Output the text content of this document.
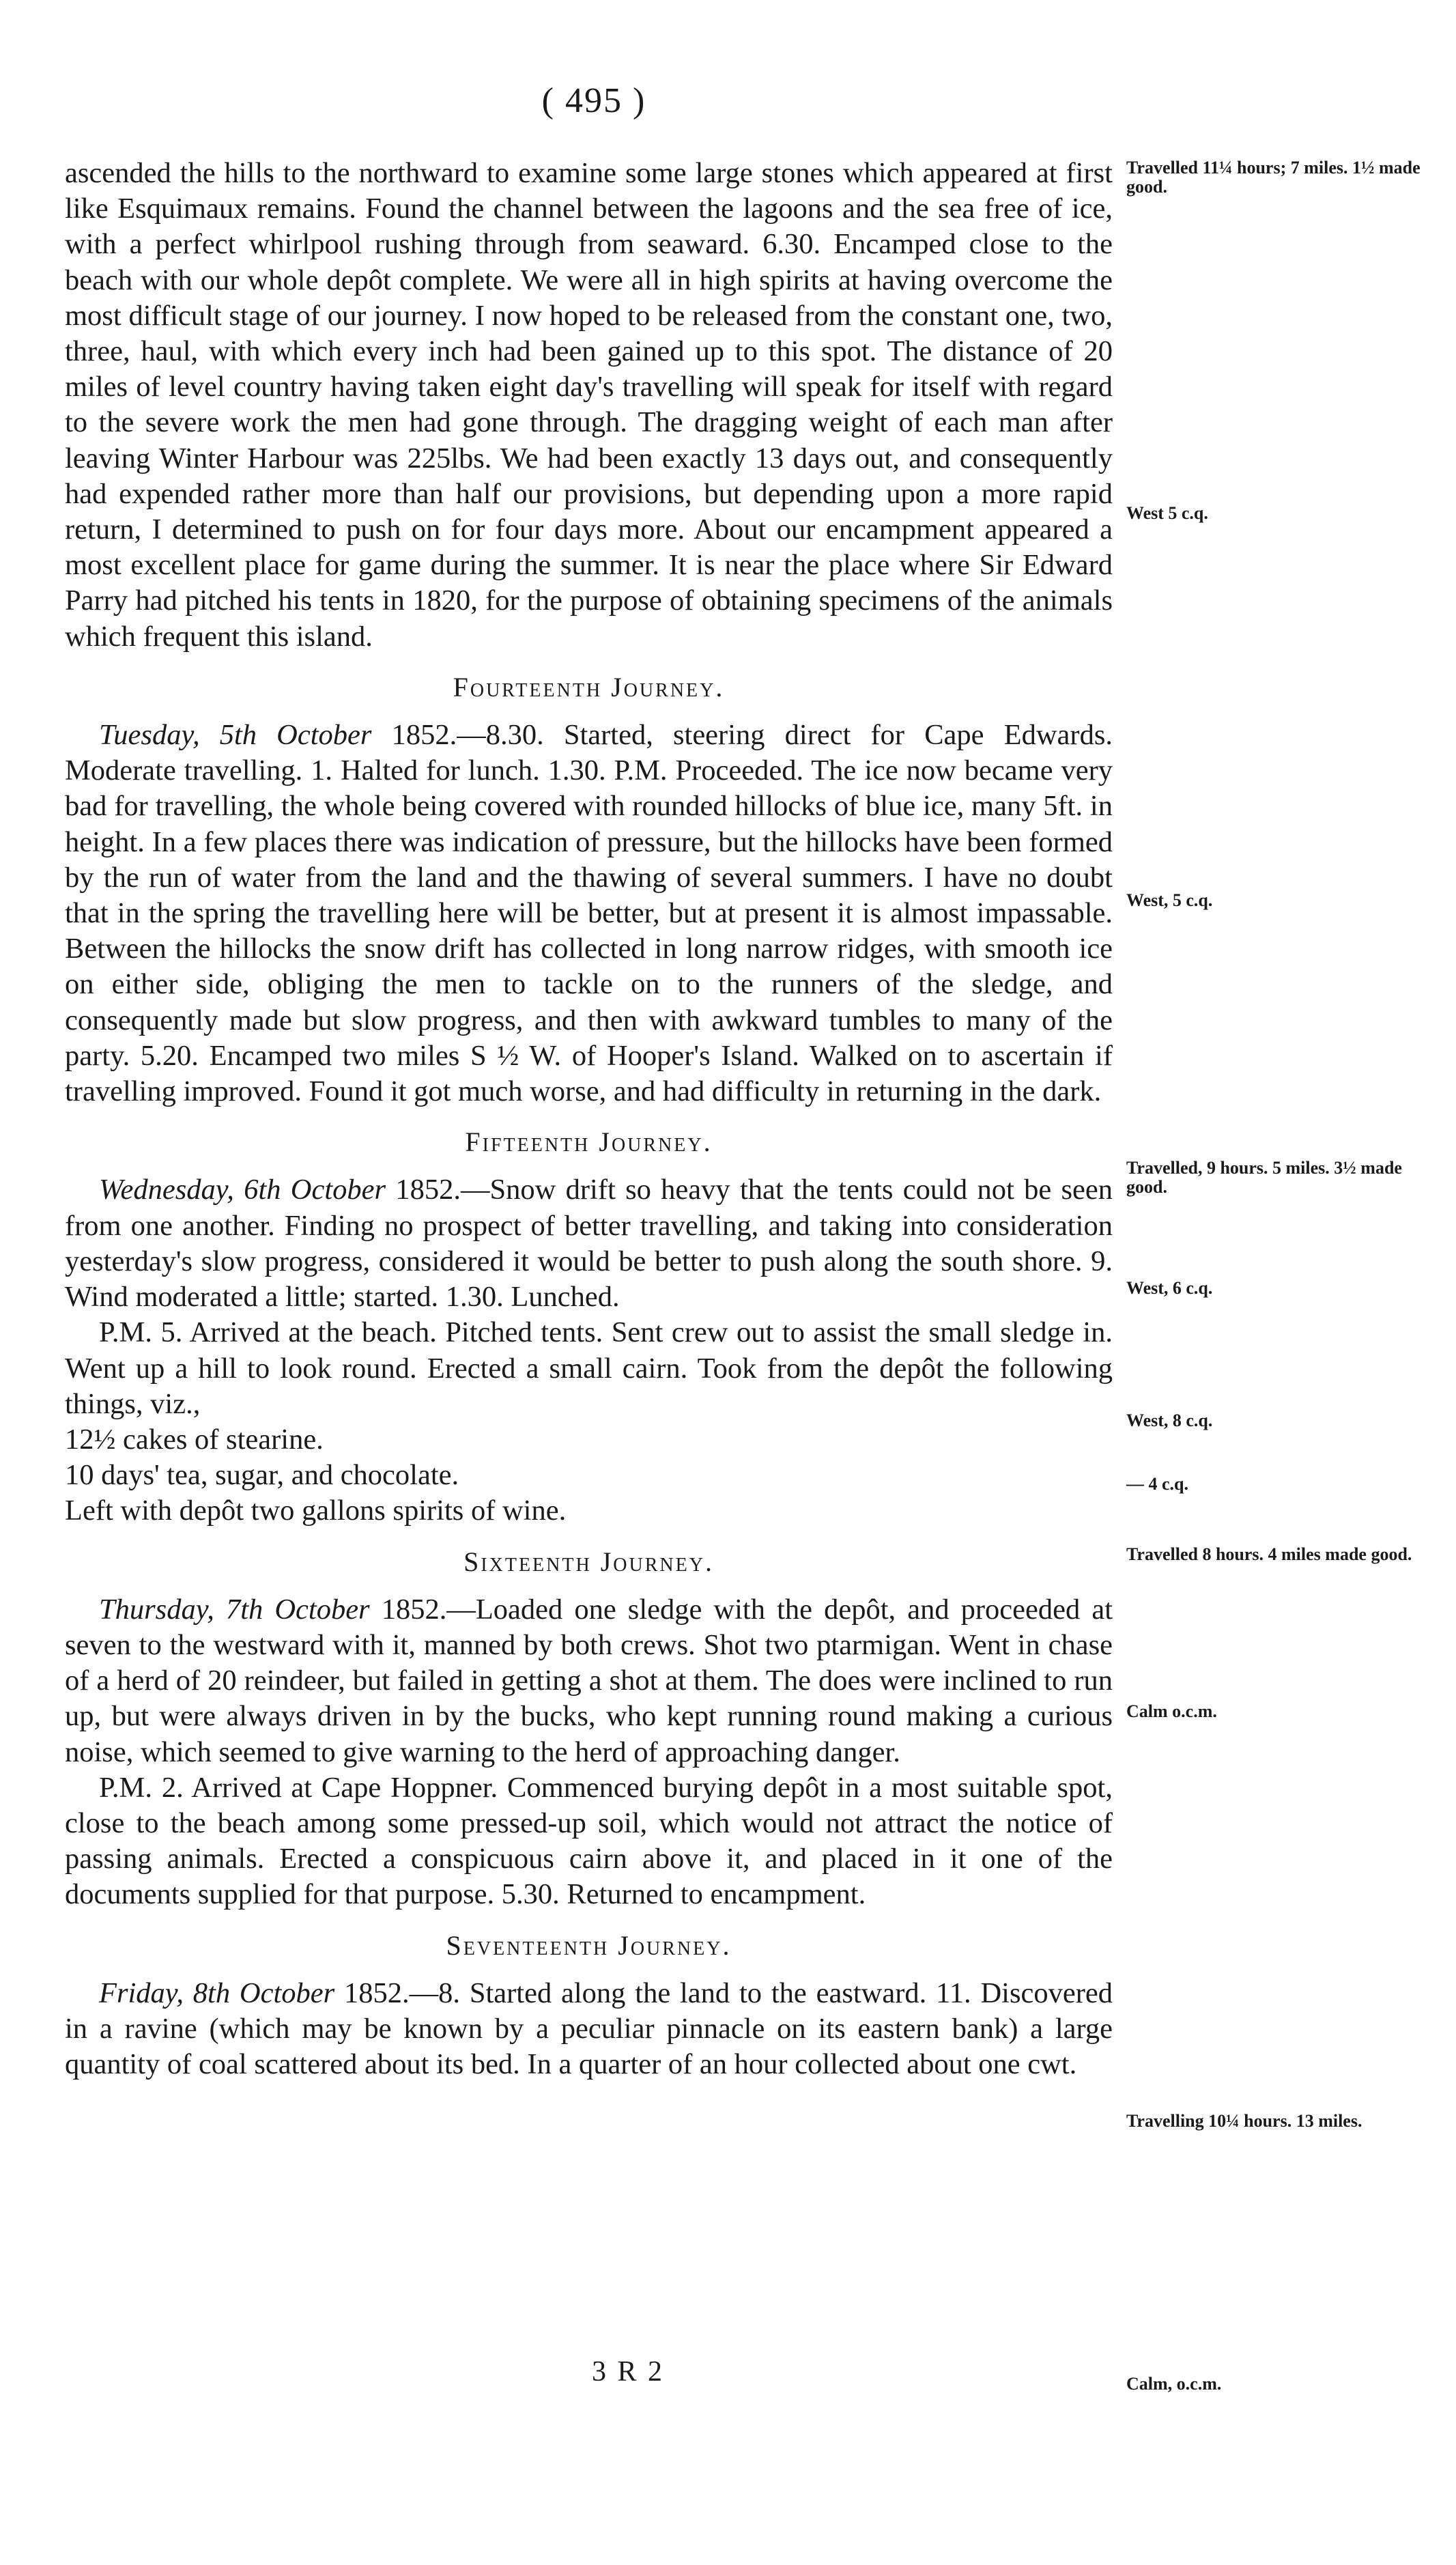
( 495 )

ascended the hills to the northward to examine some large stones which appeared at first like Esquimaux remains. Found the channel between the lagoons and the sea free of ice, with a perfect whirlpool rushing through from seaward. 6.30. Encamped close to the beach with our whole depôt complete. We were all in high spirits at having overcome the most difficult stage of our journey. I now hoped to be released from the constant one, two, three, haul, with which every inch had been gained up to this spot. The distance of 20 miles of level country having taken eight day's travelling will speak for itself with regard to the severe work the men had gone through. The dragging weight of each man after leaving Winter Harbour was 225lbs. We had been exactly 13 days out, and consequently had expended rather more than half our provisions, but depending upon a more rapid return, I determined to push on for four days more. About our encampment appeared a most excellent place for game during the summer. It is near the place where Sir Edward Parry had pitched his tents in 1820, for the purpose of obtaining specimens of the animals which frequent this island.

Fourteenth Journey.

Tuesday, 5th October 1852.—8.30. Started, steering direct for Cape Edwards. Moderate travelling. 1. Halted for lunch. 1.30. P.M. Proceeded. The ice now became very bad for travelling, the whole being covered with rounded hillocks of blue ice, many 5ft. in height. In a few places there was indication of pressure, but the hillocks have been formed by the run of water from the land and the thawing of several summers. I have no doubt that in the spring the travelling here will be better, but at present it is almost impassable. Between the hillocks the snow drift has collected in long narrow ridges, with smooth ice on either side, obliging the men to tackle on to the runners of the sledge, and consequently made but slow progress, and then with awkward tumbles to many of the party. 5.20. Encamped two miles S ½ W. of Hooper's Island. Walked on to ascertain if travelling improved. Found it got much worse, and had difficulty in returning in the dark.

Fifteenth Journey.

Wednesday, 6th October 1852.—Snow drift so heavy that the tents could not be seen from one another. Finding no prospect of better travelling, and taking into consideration yesterday's slow progress, considered it would be better to push along the south shore. 9. Wind moderated a little; started. 1.30. Lunched.

P.M. 5. Arrived at the beach. Pitched tents. Sent crew out to assist the small sledge in. Went up a hill to look round. Erected a small cairn. Took from the depôt the following things, viz.,

12½ cakes of stearine.

10 days' tea, sugar, and chocolate.

Left with depôt two gallons spirits of wine.

Sixteenth Journey.

Thursday, 7th October 1852.—Loaded one sledge with the depôt, and proceeded at seven to the westward with it, manned by both crews. Shot two ptarmigan. Went in chase of a herd of 20 reindeer, but failed in getting a shot at them. The does were inclined to run up, but were always driven in by the bucks, who kept running round making a curious noise, which seemed to give warning to the herd of approaching danger.

P.M. 2. Arrived at Cape Hoppner. Commenced burying depôt in a most suitable spot, close to the beach among some pressed-up soil, which would not attract the notice of passing animals. Erected a conspicuous cairn above it, and placed in it one of the documents supplied for that purpose. 5.30. Returned to encampment.

Seventeenth Journey.

Friday, 8th October 1852.—8. Started along the land to the eastward. 11. Discovered in a ravine (which may be known by a peculiar pinnacle on its eastern bank) a large quantity of coal scattered about its bed. In a quarter of an hour collected about one cwt.

Travelled 11¼ hours; 7 miles. 1½ made good.
West 5 c.q.
West, 5 c.q.
Travelled, 9 hours. 5 miles. 3½ made good.
West, 6 c.q.
West, 8 c.q.
— 4 c.q.
Travelled 8 hours. 4 miles made good.
Calm o.c.m.
Travelling 10¼ hours. 13 miles.
Calm, o.c.m.
3 R 2
